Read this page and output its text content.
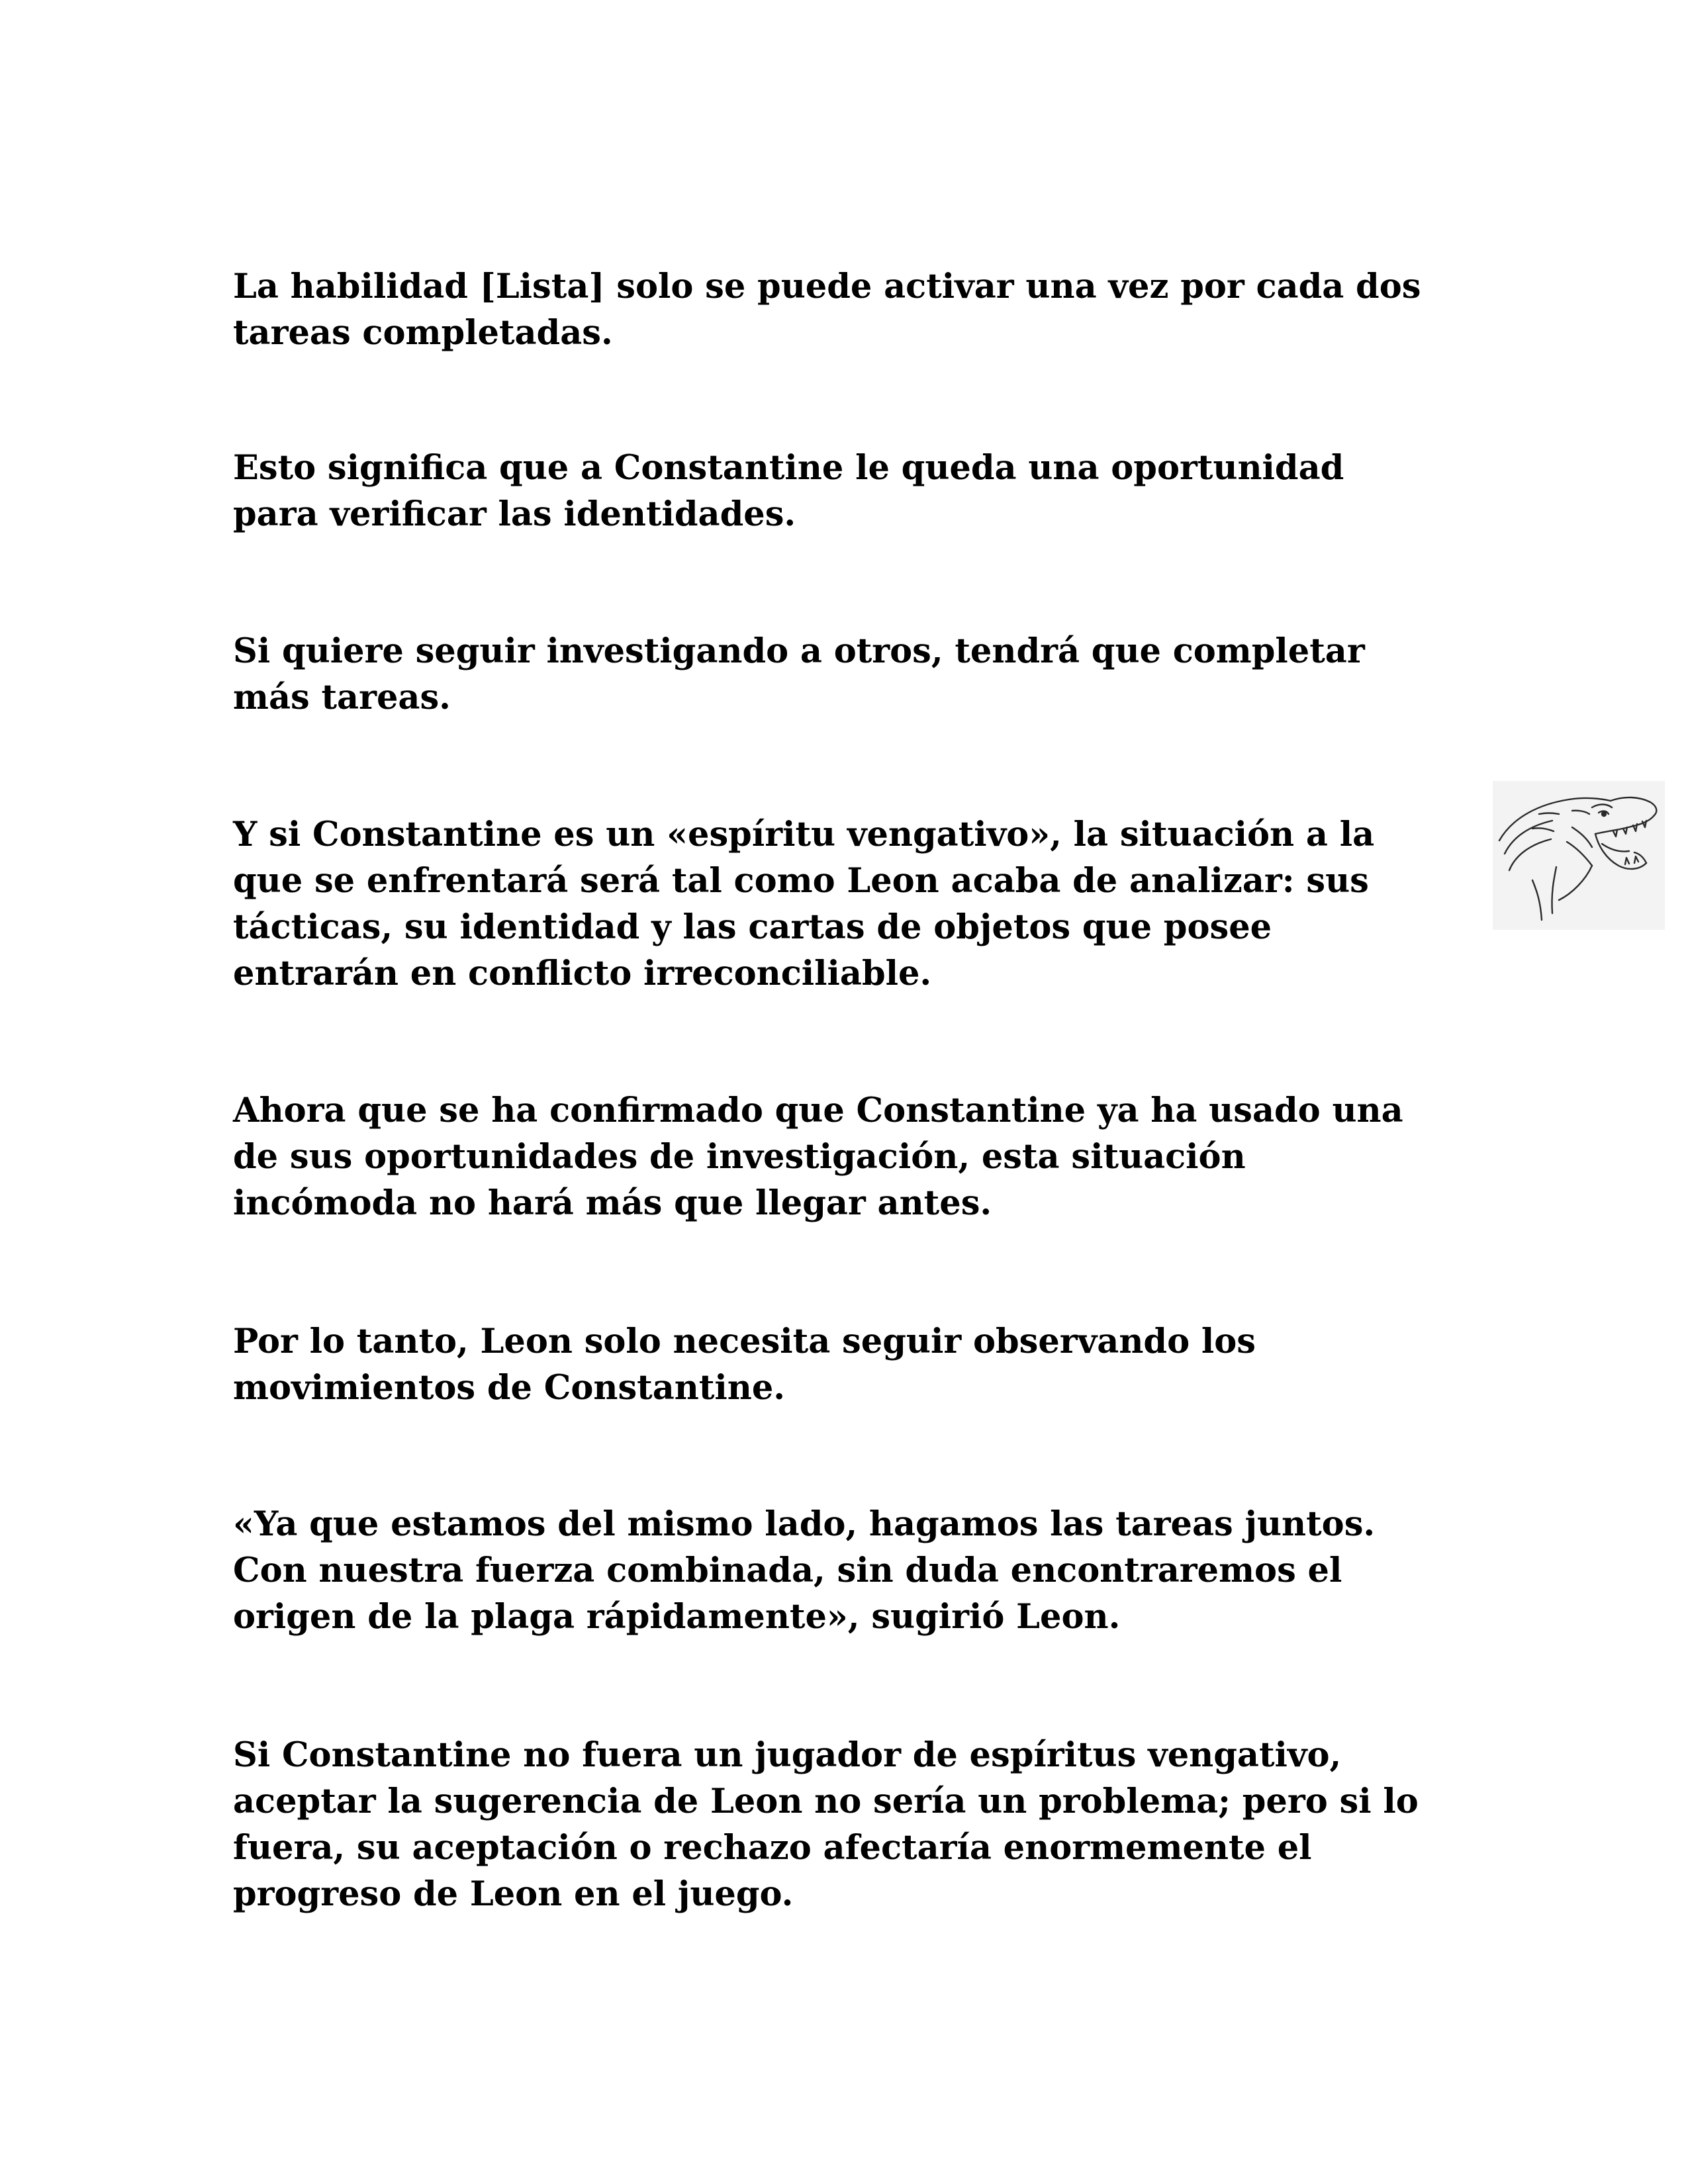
La habilidad [Lista] solo se puede activar una vez por cada dos
tareas completadas.
Esto significa que a Constantine le queda una oportunidad
para verificar las identidades.
Si quiere seguir investigando a otros, tendrá que completar
más tareas.
Y si Constantine es un «espíritu vengativo», la situación a la
que se enfrentará será tal como Leon acaba de analizar: sus
tácticas, su identidad y las cartas de objetos que posee
entrarán en conflicto irreconciliable.
Ahora que se ha confirmado que Constantine ya ha usado una
de sus oportunidades de investigación, esta situación
incómoda no hará más que llegar antes.
Por lo tanto, Leon solo necesita seguir observando los
movimientos de Constantine.
«Ya que estamos del mismo lado, hagamos las tareas juntos.
Con nuestra fuerza combinada, sin duda encontraremos el
origen de la plaga rápidamente», sugirió Leon.
Si Constantine no fuera un jugador de espíritus vengativo,
aceptar la sugerencia de Leon no sería un problema; pero si lo
fuera, su aceptación o rechazo afectaría enormemente el
progreso de Leon en el juego.
